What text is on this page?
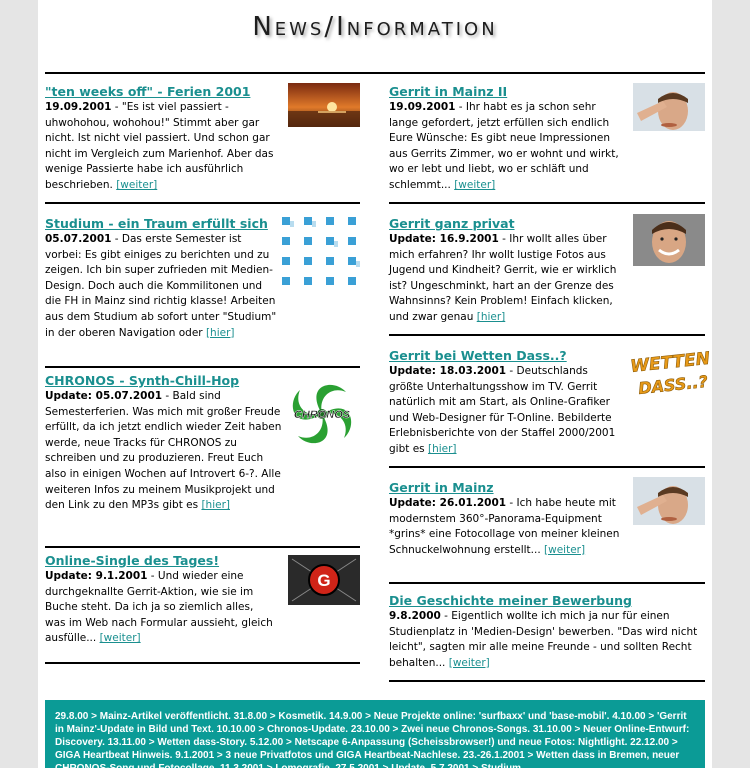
News/Information

"ten weeks off" - Ferien 2001

19.09.2001 - "Es ist viel passiert - uhwohohou, wohohou!" Stimmt aber gar nicht. Ist nicht viel passiert. Und schon gar nicht im Vergleich zum Marienhof. Aber das wenige Passierte habe ich ausführlich beschrieben. [weiter]

Studium - ein Traum erfüllt sich

05.07.2001 - Das erste Semester ist vorbei: Es gibt einiges zu berichten und zu zeigen. Ich bin super zufrieden mit Medien-Design. Doch auch die Kommilitonen und die FH in Mainz sind richtig klasse! Arbeiten aus dem Studium ab sofort unter "Studium" in der oberen Navigation oder [hier]

CHRONOS

CHRONOS - Synth-Chill-Hop

Update: 05.07.2001 - Bald sind Semesterferien. Was mich mit großer Freude erfüllt, da ich jetzt endlich wieder Zeit haben werde, neue Tracks für CHRONOS zu schreiben und zu produzieren. Freut Euch also in einigen Wochen auf Introvert 6-?. Alle weiteren Infos zu meinem Musikprojekt und den Link zu den MP3s gibt es [hier]

G

Online-Single des Tages!

Update: 9.1.2001 - Und wieder eine durchgeknallte Gerrit-Aktion, wie sie im Buche steht. Da ich ja so ziemlich alles, was im Web nach Formular aussieht, gleich ausfülle... [weiter]

Gerrit in Mainz II

19.09.2001 - Ihr habt es ja schon sehr lange gefordert, jetzt erfüllen sich endlich Eure Wünsche: Es gibt neue Impressionen aus Gerrits Zimmer, wo er wohnt und wirkt, wo er lebt und liebt, wo er schläft und schlemmt... [weiter]

Gerrit ganz privat

Update: 16.9.2001 - Ihr wollt alles über mich erfahren? Ihr wollt lustige Fotos aus Jugend und Kindheit? Gerrit, wie er wirklich ist? Ungeschminkt, hart an der Grenze des Wahnsinns? Kein Problem! Einfach klicken, und zwar genau [hier]

WETTEN
DASS..?

Gerrit bei Wetten Dass..?

Update: 18.03.2001 - Deutschlands größte Unterhaltungsshow im TV. Gerrit natürlich mit am Start, als Online-Grafiker und Web-Designer für T-Online. Bebilderte Erlebnisberichte von der Staffel 2000/2001 gibt es [hier]

Gerrit in Mainz

Update: 26.01.2001 - Ich habe heute mit modernstem 360°-Panorama-Equipment *grins* eine Fotocollage von meiner kleinen Schnuckelwohnung erstellt... [weiter]

Die Geschichte meiner Bewerbung

9.8.2000 - Eigentlich wollte ich mich ja nur für einen Studienplatz in 'Medien-Design' bewerben. "Das wird nicht leicht", sagten mir alle meine Freunde - und sollten Recht behalten... [weiter]

29.8.00 > Mainz-Artikel veröffentlicht. 31.8.00 > Kosmetik. 14.9.00 > Neue Projekte online: 'surfbaxx' und 'base-mobil'. 4.10.00 > 'Gerrit in Mainz'-Update in Bild und Text. 10.10.00 > Chronos-Update. 23.10.00 > Zwei neue Chronos-Songs. 31.10.00 > Neuer Online-Entwurf: Discovery. 13.11.00 > Wetten dass-Story. 5.12.00 > Netscape 6-Anpassung (Scheissbrowser!) und neue Fotos: Nightlight. 22.12.00 > GIGA Heartbeat Hinweis. 9.1.2001 > 3 neue Privatfotos und GIGA Heartbeat-Nachlese. 23.-26.1.2001 > Wetten dass in Bremen, neuer CHRONOS-Song und Fotocollage. 11.3.2001 > Lomografie. 27.5.2001 > Update. 5.7.2001 > Studium.
